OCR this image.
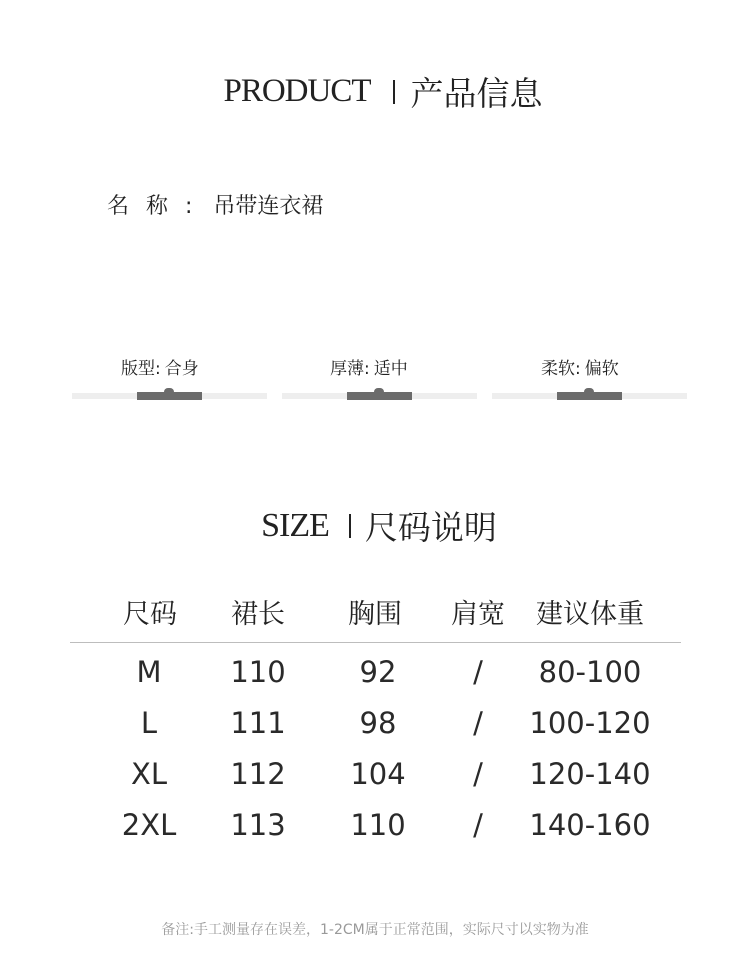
PRODUCT 产品信息
名称: 吊带连衣裙
版型: 合身	厚薄: 适中	柔软: 偏软
SIZE 尺码说明
尺码	裙长	胸围	肩宽	建议体重
M	110	92	/	80-100
L	111	98	/	100-120
XL	112	104	/	120-140
2XL	113	110	/	140-160
备注:手工测量存在误差，1-2CM属于正常范围，实际尺寸以实物为准
